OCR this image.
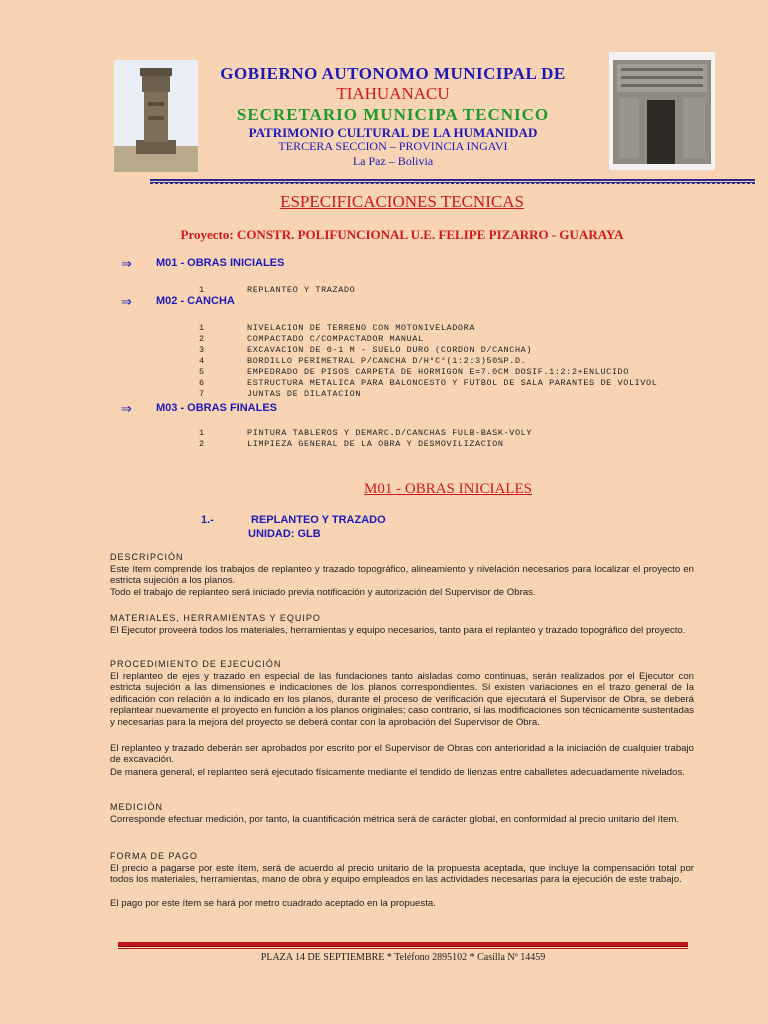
GOBIERNO AUTONOMO MUNICIPAL DE
TIAHUANACU
SECRETARIO MUNICIPA TECNICO
PATRIMONIO CULTURAL DE LA HUMANIDAD
TERCERA SECCION – PROVINCIA INGAVI
La Paz – Bolivia
ESPECIFICACIONES TECNICAS
Proyecto: CONSTR. POLIFUNCIONAL U.E. FELIPE PIZARRO - GUARAYA
⇒ M01 - OBRAS INICIALES
1	REPLANTEO Y TRAZADO
⇒ M02 - CANCHA
1	NIVELACION DE TERRENO CON MOTONIVELADORA
2	COMPACTADO C/COMPACTADOR MANUAL
3	EXCAVACION DE 0-1 M - SUELO DURO (CORDON D/CANCHA)
4	BORDILLO PERIMETRAL P/CANCHA D/H°C°(1:2:3)50%P.D.
5	EMPEDRADO DE PISOS CARPETA DE HORMIGON E=7.0CM DOSIF.1:2:2+ENLUCIDO
6	ESTRUCTURA METALICA PARA BALONCESTO Y FUTBOL DE SALA PARANTES DE VOLIVOL
7	JUNTAS DE DILATACION
⇒ M03 - OBRAS FINALES
1	PINTURA TABLEROS Y DEMARC.D/CANCHAS FULB-BASK-VOLY
2	LIMPIEZA GENERAL DE LA OBRA Y DESMOVILIZACION
M01 - OBRAS INICIALES
1.-	REPLANTEO Y TRAZADO
UNIDAD: GLB
DESCRIPCIÓN
Este ítem comprende los trabajos de replanteo y trazado topográfico, alineamiento y nivelación necesarios para localizar el proyecto en estricta sujeción a los planos.
Todo el trabajo de replanteo será iniciado previa notificación y autorización del Supervisor de Obras.
MATERIALES, HERRAMIENTAS Y EQUIPO
El Ejecutor proveerá todos los materiales, herramientas y equipo necesarios, tanto para el replanteo y trazado topográfico del proyecto.
PROCEDIMIENTO DE EJECUCIÓN
El replanteo de ejes y trazado en especial de las fundaciones tanto aisladas como continuas, serán realizados por el Ejecutor con estricta sujeción a las dimensiones e indicaciones de los planos correspondientes. Si existen variaciones en el trazo general de la edificación con relación a lo indicado en los planos, durante el proceso de verificación que ejecutará el Supervisor de Obra, se deberá replantear nuevamente el proyecto en función a los planos originales; caso contrario, si las modificaciones son técnicamente sustentadas y necesarias para la mejora del proyecto se deberá contar con la aprobación del Supervisor de Obra.
El replanteo y trazado deberán ser aprobados por escrito por el Supervisor de Obras con anterioridad a la iniciación de cualquier trabajo de excavación.
De manera general, el replanteo será ejecutado físicamente mediante el tendido de lienzas entre caballetes adecuadamente nivelados.
MEDICIÓN
Corresponde efectuar medición, por tanto, la cuantificación métrica será de carácter global, en conformidad al precio unitario del ítem.
FORMA DE PAGO
El precio a pagarse por este ítem, será de acuerdo al precio unitario de la propuesta aceptada, que incluye la compensación total por todos los materiales, herramientas, mano de obra y equipo empleados en las actividades necesarias para la ejecución de este trabajo.
El pago por este ítem se hará por metro cuadrado aceptado en la propuesta.
PLAZA 14 DE SEPTIEMBRE * Teléfono 2895102 * Casilla Nº 14459
